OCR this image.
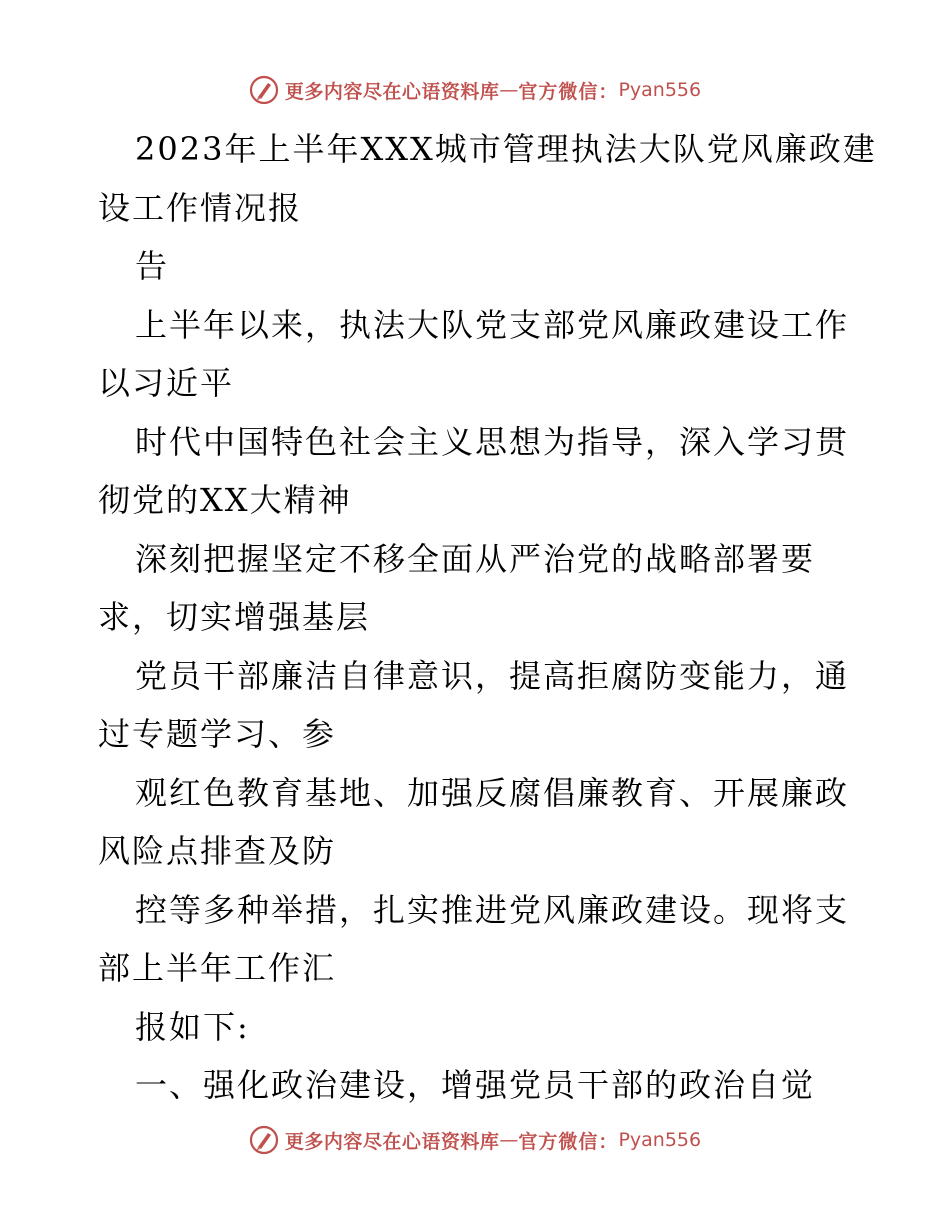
更多内容尽在心语资料库 — 官方微信： Pyan556
2023年上半年XXX城市管理执法大队党风廉政建
设工作情况报
告
上半年以来，执法大队党支部党风廉政建设工作
以习近平
时代中国特色社会主义思想为指导，深入学习贯
彻党的XX大精神
深刻把握坚定不移全面从严治党的战略部署要
求，切实增强基层
党员干部廉洁自律意识，提高拒腐防变能力，通
过专题学习、参
观红色教育基地、加强反腐倡廉教育、开展廉政
风险点排查及防
控等多种举措，扎实推进党风廉政建设。现将支
部上半年工作汇
报如下:
一、强化政治建设，增强党员干部的政治自觉
更多内容尽在心语资料库 — 官方微信： Pyan556
